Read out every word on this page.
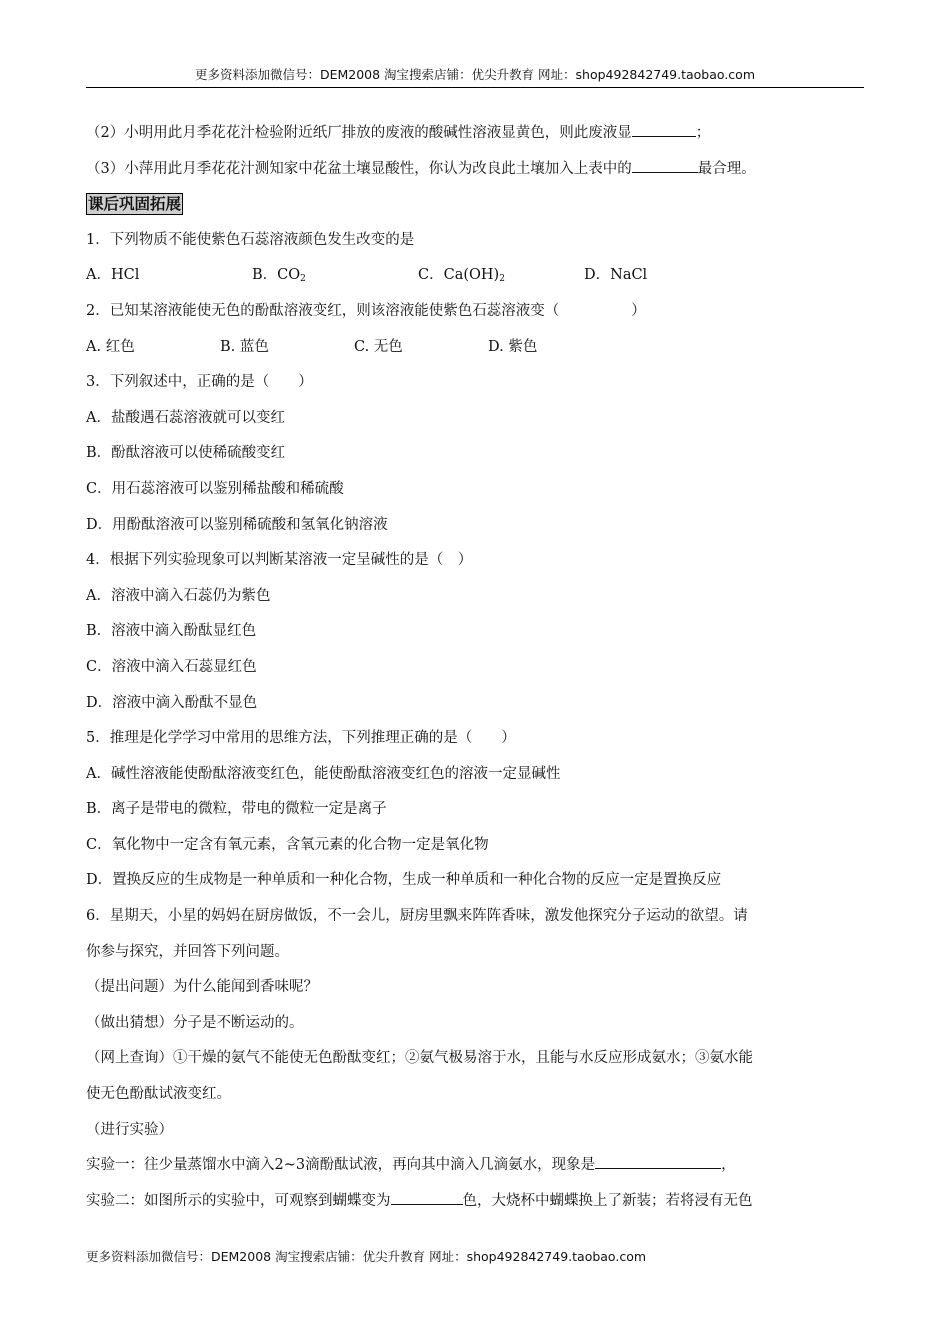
更多资料添加微信号：DEM2008 淘宝搜索店铺：优尖升教育 网址：shop492842749.taobao.com
（2）小明用此月季花花汁检验附近纸厂排放的废液的酸碱性溶液显黄色，则此废液显	；
（3）小萍用此月季花花汁测知家中花盆土壤显酸性，你认为改良此土壤加入上表中的	最合理。
课后巩固拓展
1．下列物质不能使紫色石蕊溶液颜色发生改变的是
A．HCl	B．$CO_2$	C．$Ca(OH)_2$	D．NaCl
2．已知某溶液能使无色的酚酞溶液变红，则该溶液能使紫色石蕊溶液变（	）
A. 红色	B. 蓝色	C. 无色	D. 紫色
3．下列叙述中，正确的是（　　）
A．盐酸遇石蕊溶液就可以变红
B．酚酞溶液可以使稀硫酸变红
C．用石蕊溶液可以鉴别稀盐酸和稀硫酸
D．用酚酞溶液可以鉴别稀硫酸和氢氧化钠溶液
4．根据下列实验现象可以判断某溶液一定呈碱性的是（　）
A．溶液中滴入石蕊仍为紫色
B．溶液中滴入酚酞显红色
C．溶液中滴入石蕊显红色
D．溶液中滴入酚酞不显色
5．推理是化学学习中常用的思维方法，下列推理正确的是（　　）
A．碱性溶液能使酚酞溶液变红色，能使酚酞溶液变红色的溶液一定显碱性
B．离子是带电的微粒，带电的微粒一定是离子
C．氧化物中一定含有氧元素，含氧元素的化合物一定是氧化物
D．置换反应的生成物是一种单质和一种化合物，生成一种单质和一种化合物的反应一定是置换反应
6．星期天，小星的妈妈在厨房做饭，不一会儿，厨房里飘来阵阵香味，激发他探究分子运动的欲望。请
你参与探究，并回答下列问题。
（提出问题）为什么能闻到香味呢？
（做出猜想）分子是不断运动的。
（网上查询）①干燥的氨气不能使无色酚酞变红；②氨气极易溶于水，且能与水反应形成氨水；③氨水能
使无色酚酞试液变红。
（进行实验）
实验一：往少量蒸馏水中滴入2~3滴酚酞试液，再向其中滴入几滴氨水，现象是	，
实验二：如图所示的实验中，可观察到蝴蝶变为	色，大烧杯中蝴蝶换上了新装；若将浸有无色
更多资料添加微信号：DEM2008 淘宝搜索店铺：优尖升教育 网址：shop492842749.taobao.com
